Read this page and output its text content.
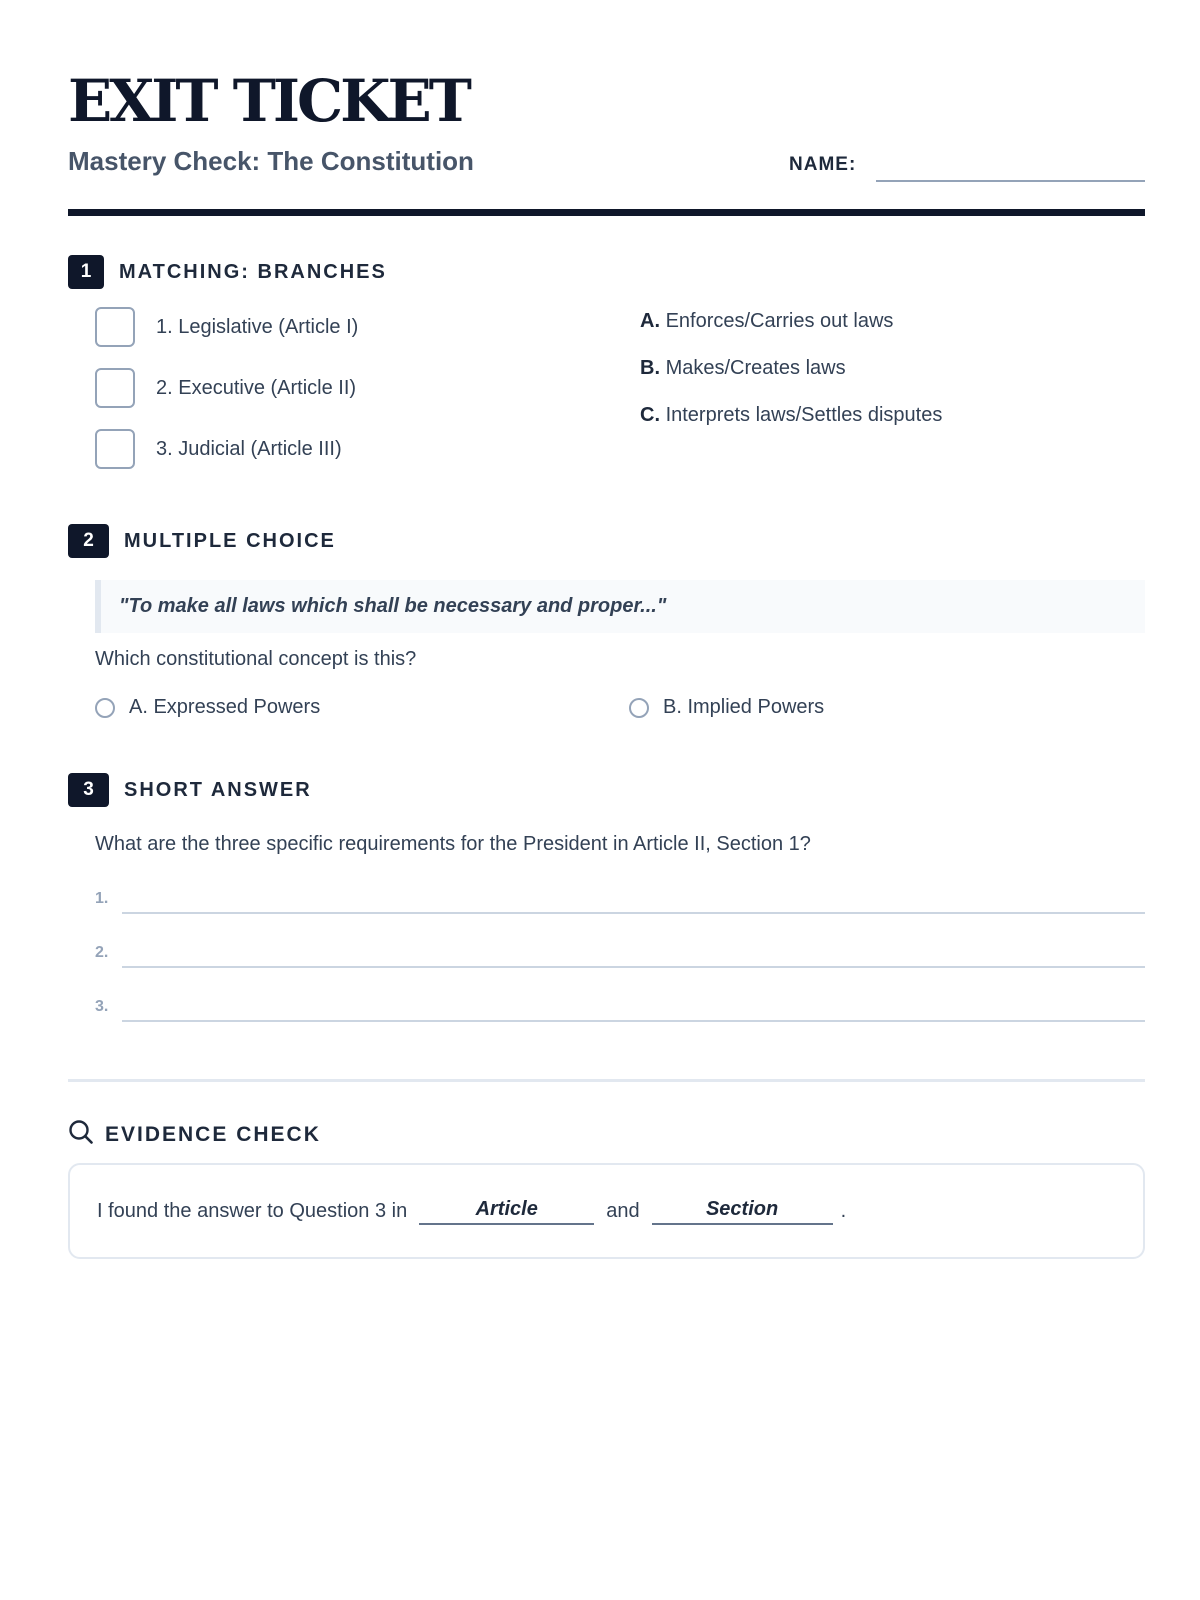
EXIT TICKET
Mastery Check: The Constitution	NAME:
1	MATCHING: BRANCHES
1. Legislative (Article I)
2. Executive (Article II)
3. Judicial (Article III)
A. Enforces/Carries out laws
B. Makes/Creates laws
C. Interprets laws/Settles disputes
2	MULTIPLE CHOICE
"To make all laws which shall be necessary and proper..."
Which constitutional concept is this?
A. Expressed Powers	B. Implied Powers
3	SHORT ANSWER
What are the three specific requirements for the President in Article II, Section 1?
1.
2.
3.
EVIDENCE CHECK
I found the answer to Question 3 in	Article	and	Section	.
